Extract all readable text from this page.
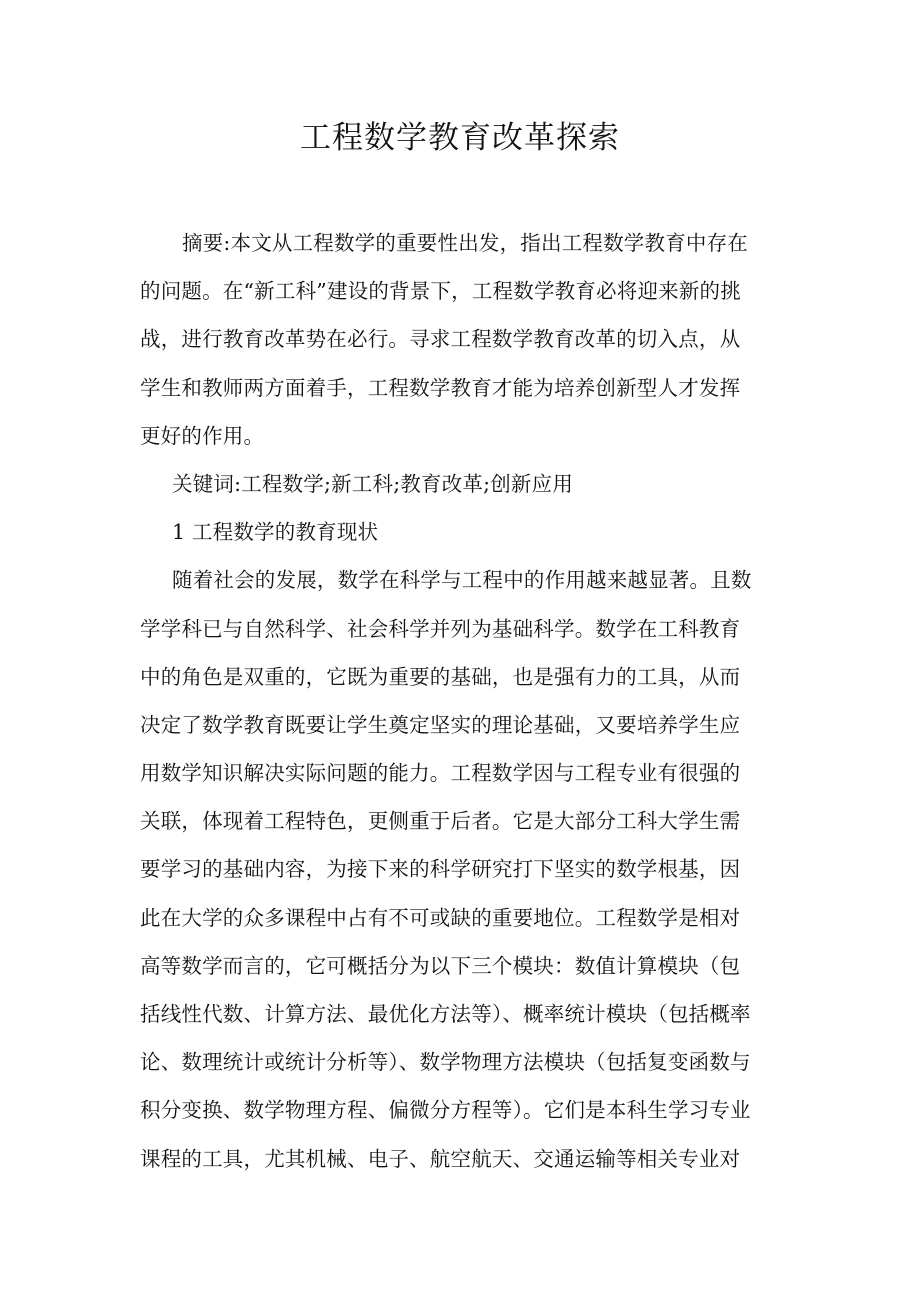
工程数学教育改革探索
摘要:本文从工程数学的重要性出发，指出工程数学教育中存在
的问题。在“新工科”建设的背景下，工程数学教育必将迎来新的挑
战，进行教育改革势在必行。寻求工程数学教育改革的切入点，从
学生和教师两方面着手，工程数学教育才能为培养创新型人才发挥
更好的作用。
关键词:工程数学;新工科;教育改革;创新应用
1 工程数学的教育现状
随着社会的发展，数学在科学与工程中的作用越来越显著。且数
学学科已与自然科学、社会科学并列为基础科学。数学在工科教育
中的角色是双重的，它既为重要的基础，也是强有力的工具，从而
决定了数学教育既要让学生奠定坚实的理论基础，又要培养学生应
用数学知识解决实际问题的能力。工程数学因与工程专业有很强的
关联，体现着工程特色，更侧重于后者。它是大部分工科大学生需
要学习的基础内容，为接下来的科学研究打下坚实的数学根基，因
此在大学的众多课程中占有不可或缺的重要地位。工程数学是相对
高等数学而言的，它可概括分为以下三个模块：数值计算模块（包
括线性代数、计算方法、最优化方法等）、概率统计模块（包括概率
论、数理统计或统计分析等）、数学物理方法模块（包括复变函数与
积分变换、数学物理方程、偏微分方程等）。它们是本科生学习专业
课程的工具，尤其机械、电子、航空航天、交通运输等相关专业对
